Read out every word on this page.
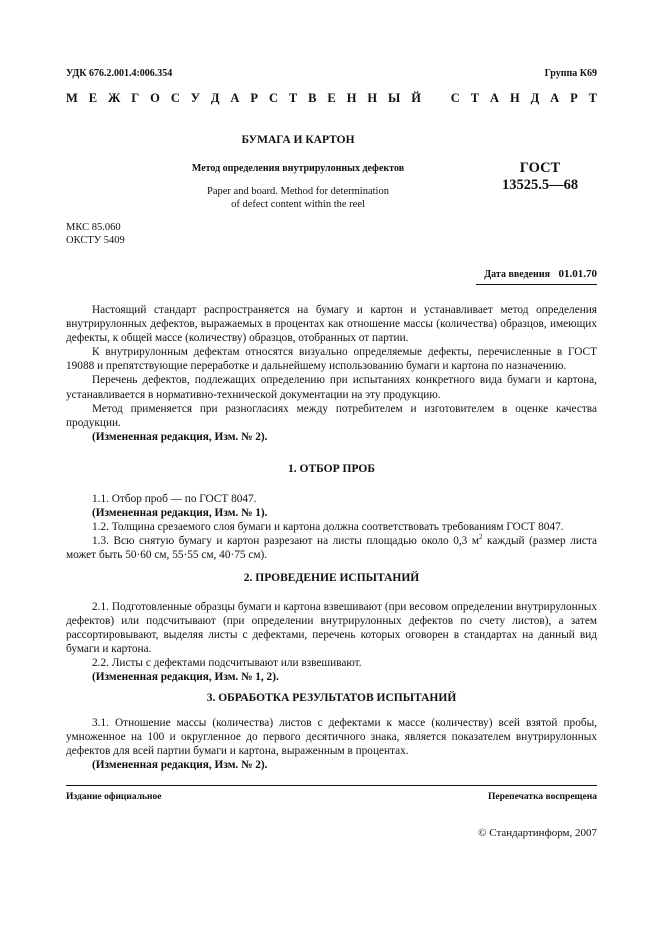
УДК 676.2.001.4:006.354	Группа К69
М Е Ж Г О С У Д А Р С Т В Е Н Н Ы Й С Т А Н Д А Р Т
БУМАГА И КАРТОН
Метод определения внутрирулонных дефектов
Paper and board. Method for determination
of defect content within the reel
ГОСТ
13525.5—68
МКС 85.060
ОКСТУ 5409
Дата введения 01.01.70

Настоящий стандарт распространяется на бумагу и картон и устанавливает метод определения внутрирулонных дефектов, выражаемых в процентах как отношение массы (количества) образцов, имеющих дефекты, к общей массе (количеству) образцов, отобранных от партии.

К внутрирулонным дефектам относятся визуально определяемые дефекты, перечисленные в ГОСТ 19088 и препятствующие переработке и дальнейшему использованию бумаги и картона по назначению.

Перечень дефектов, подлежащих определению при испытаниях конкретного вида бумаги и картона, устанавливается в нормативно-технической документации на эту продукцию.

Метод применяется при разногласиях между потребителем и изготовителем в оценке качества продукции.

(Измененная редакция, Изм. № 2).

1. ОТБОР ПРОБ

1.1. Отбор проб — по ГОСТ 8047.

(Измененная редакция, Изм. № 1).

1.2. Толщина срезаемого слоя бумаги и картона должна соответствовать требованиям ГОСТ 8047.

1.3. Всю снятую бумагу и картон разрезают на листы площадью около 0,3 $м^2$ каждый (размер листа может быть 50·60 см, 55·55 см, 40·75 см).

2. ПРОВЕДЕНИЕ ИСПЫТАНИЙ

2.1. Подготовленные образцы бумаги и картона взвешивают (при весовом определении внутрирулонных дефектов) или подсчитывают (при определении внутрирулонных дефектов по счету листов), а затем рассортировывают, выделяя листы с дефектами, перечень которых оговорен в стандартах на данный вид бумаги и картона.

2.2. Листы с дефектами подсчитывают или взвешивают.

(Измененная редакция, Изм. № 1, 2).

3. ОБРАБОТКА РЕЗУЛЬТАТОВ ИСПЫТАНИЙ

3.1. Отношение массы (количества) листов с дефектами к массе (количеству) всей взятой пробы, умноженное на 100 и округленное до первого десятичного знака, является показателем внутрирулонных дефектов для всей партии бумаги и картона, выраженным в процентах.

(Измененная редакция, Изм. № 2).

Издание официальное	Перепечатка воспрещена
© Стандартинформ, 2007
